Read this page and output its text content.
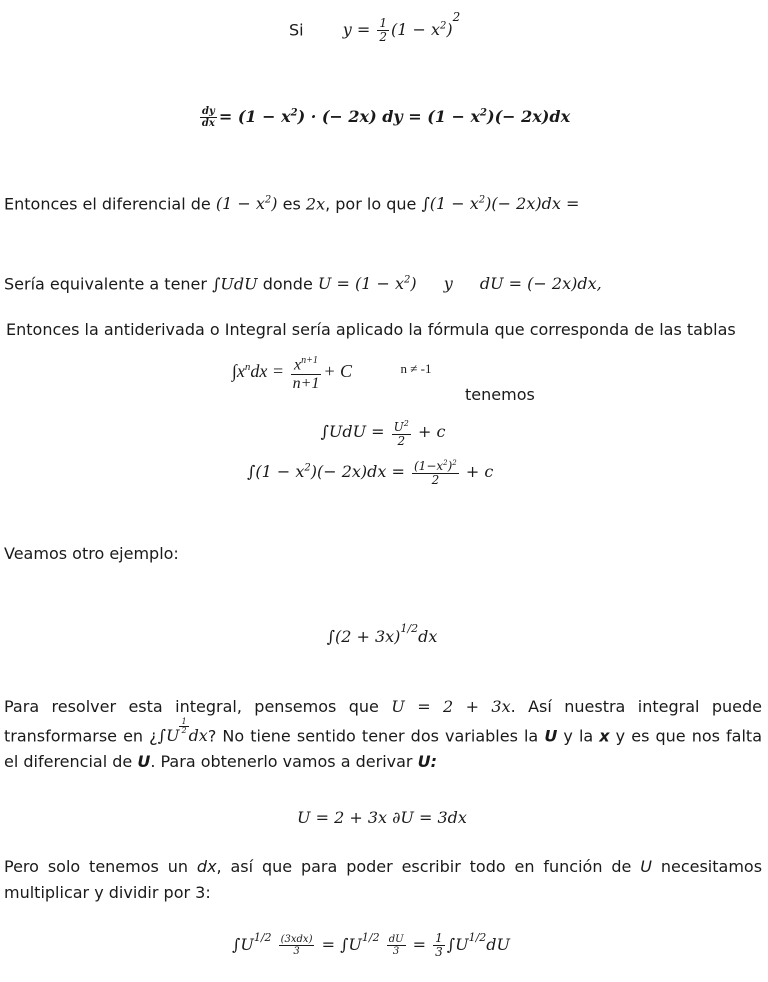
Si $y = \frac{1}{2} (1 - x^2)^2$
$\frac{dy}{dx} = (1 - x^2)$ · (− 2x) dy = $(1 - x^2)(- 2x)dx$
Entonces el diferencial de $(1 - x^2)$ es 2x, por lo que $\int(1 - x^2)(- 2x)dx$ =
Sería equivalente a tener ∫UdU donde $U = (1 - x^2)$ y dU = (− 2x)dx,
Entonces la antiderivada o Integral sería aplicado la fórmula que corresponda de las tablas
$\int x^ndx = \frac{x^{n+1}}{n+1} + C$	$^{n \ne -1}$
tenemos
$\int UdU = \frac{U^2}{2} + c$
$\int(1 - x^2)(- 2x)dx = \frac{(1-x^2)^2}{2} + c$
Veamos otro ejemplo:
$\int(2 + 3x)^{1/2}dx$
Para resolver esta integral, pensemos que U = 2 + 3x. Así nuestra integral puede transformarse en ¿∫U $^{\frac{1}{2}}$ dx? No tiene sentido tener dos variables la U y la x y es que nos falta el diferencial de U. Para obtenerlo vamos a derivar U:
U = 2 + 3x ∂U = 3dx
Pero solo tenemos un dx, así que para poder escribir todo en función de U necesitamos multiplicar y dividir por 3:
$\int U^{1/2} \frac{\text{(3xdx)}}{3} = \int U^{1/2} \frac{dU}{3} = \frac{1}{3} \int U^{1/2}dU$
